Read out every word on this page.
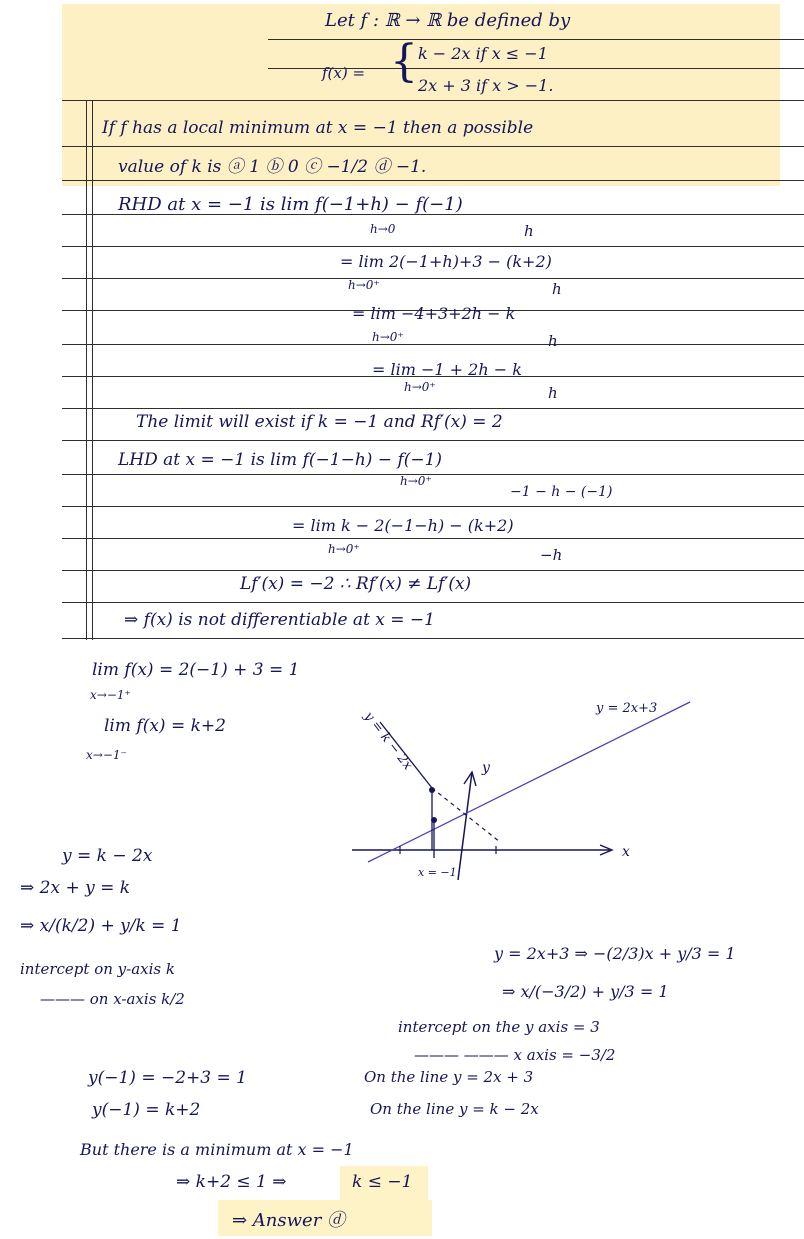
Let f : ℝ → ℝ be defined by
f(x) = { k − 2x if x ≤ −1
2x + 3 if x > −1.
If f has a local minimum at x = −1 then a possible
value of k is ⓐ 1 ⓑ 0 ⓒ −1/2 ⓓ −1.
RHD at x = −1 is lim f(−1+h) − f(−1)
h→0	h
= lim 2(−1+h)+3 − (k+2)
h→0⁺	h
= lim −4+3+2h − k
h→0⁺	h
= lim −1 + 2h − k
h→0⁺	h
The limit will exist if k = −1 and Rf′(x) = 2
LHD at x = −1 is lim f(−1−h) − f(−1)
h→0⁺
−1 − h − (−1)
= lim k − 2(−1−h) − (k+2)
h→0⁺	−h
Lf′(x) = −2 ∴ Rf′(x) ≠ Lf′(x)
⇒ f(x) is not differentiable at x = −1
lim f(x) = 2(−1) + 3 = 1
x→−1⁺
lim f(x) = k+2
x→−1⁻
y = 2x+3
y = k − 2x	y
x
x = −1
y = k − 2x
⇒ 2x + y = k
⇒ x/(k/2) + y/k = 1
intercept on y-axis k
——— on x-axis k/2
y = 2x+3 ⇒ −(2/3)x + y/3 = 1
⇒ x/(−3/2) + y/3 = 1
intercept on the y axis = 3
——— ——— x axis = −3/2
y(−1) = −2+3 = 1	On the line y = 2x + 3
y(−1) = k+2	On the line y = k − 2x
But there is a minimum at x = −1
⇒ k+2 ≤ 1 ⇒	k ≤ −1
⇒ Answer ⓓ
